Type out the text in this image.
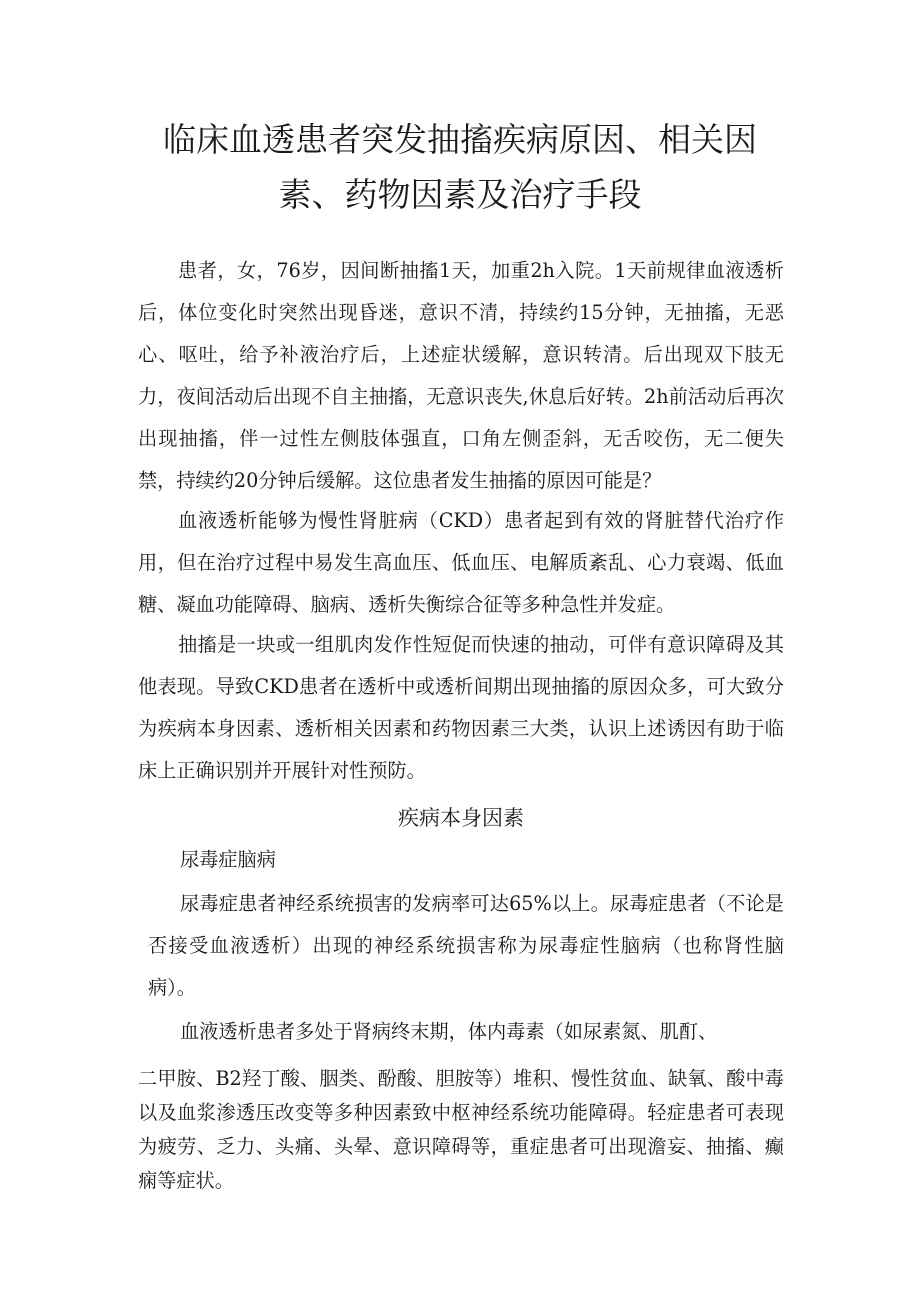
临床血透患者突发抽搐疾病原因、相关因素、药物因素及治疗手段

患者，女，76岁，因间断抽搐1天，加重2h入院。1天前规律血液透析后，体位变化时突然出现昏迷，意识不清，持续约15分钟，无抽搐，无恶心、呕吐，给予补液治疗后，上述症状缓解，意识转清。后出现双下肢无力，夜间活动后出现不自主抽搐，无意识丧失,休息后好转。2h前活动后再次出现抽搐，伴一过性左侧肢体强直，口角左侧歪斜，无舌咬伤，无二便失禁，持续约20分钟后缓解。这位患者发生抽搐的原因可能是？

血液透析能够为慢性肾脏病（CKD）患者起到有效的肾脏替代治疗作用，但在治疗过程中易发生高血压、低血压、电解质紊乱、心力衰竭、低血糖、凝血功能障碍、脑病、透析失衡综合征等多种急性并发症。

抽搐是一块或一组肌肉发作性短促而快速的抽动，可伴有意识障碍及其他表现。导致CKD患者在透析中或透析间期出现抽搐的原因众多，可大致分为疾病本身因素、透析相关因素和药物因素三大类，认识上述诱因有助于临床上正确识别并开展针对性预防。

疾病本身因素

尿毒症脑病

尿毒症患者神经系统损害的发病率可达65%以上。尿毒症患者（不论是否接受血液透析）出现的神经系统损害称为尿毒症性脑病（也称肾性脑病）。

血液透析患者多处于肾病终末期，体内毒素（如尿素氮、肌酊、

二甲胺、B2羟丁酸、胭类、酚酸、胆胺等）堆积、慢性贫血、缺氧、酸中毒以及血浆渗透压改变等多种因素致中枢神经系统功能障碍。轻症患者可表现为疲劳、乏力、头痛、头晕、意识障碍等，重症患者可出现澹妄、抽搐、癫痫等症状。
